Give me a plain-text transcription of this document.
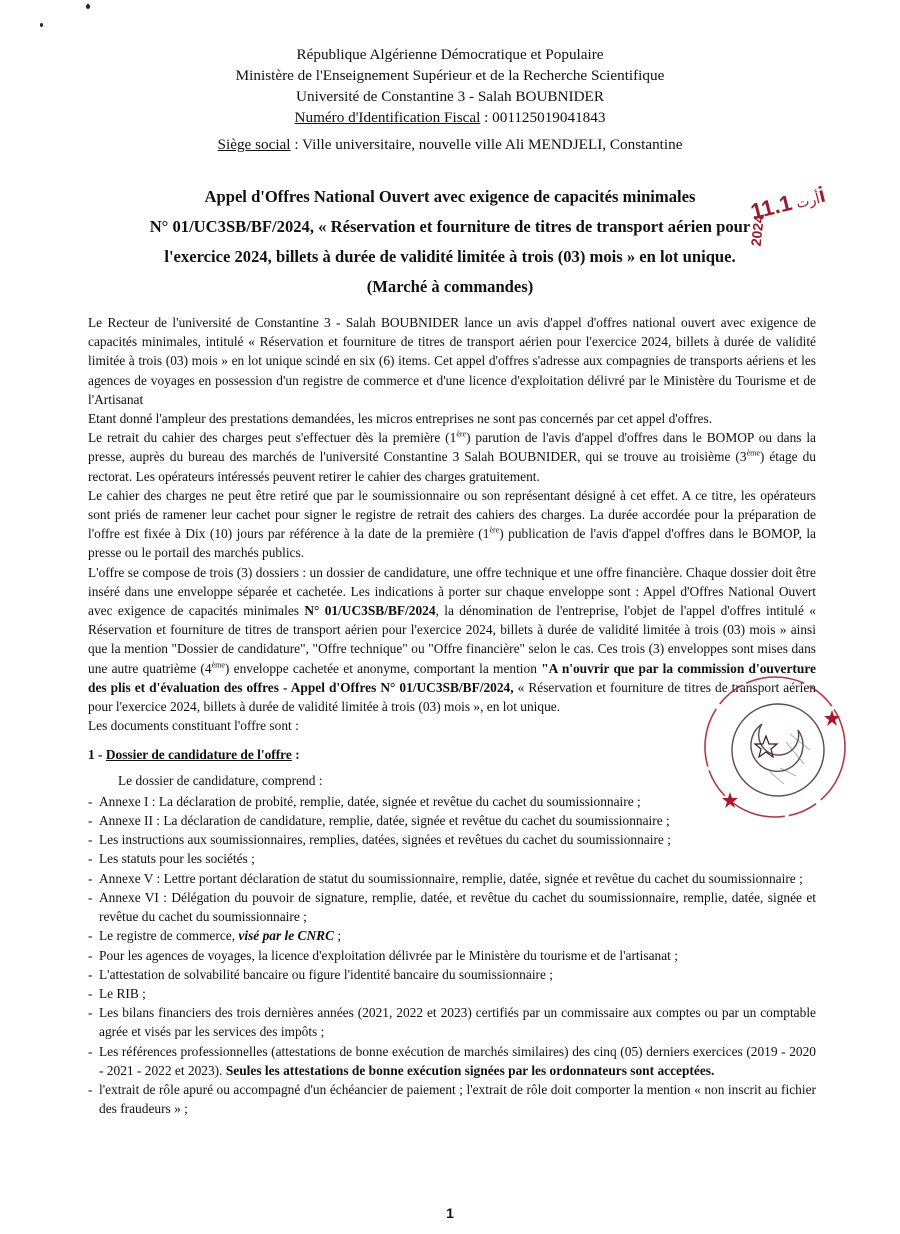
République Algérienne Démocratique et Populaire
Ministère de l'Enseignement Supérieur et de la Recherche Scientifique
Université de Constantine 3 - Salah BOUBNIDER
Numéro d'Identification Fiscal : 001125019041843
Siège social : Ville universitaire, nouvelle ville Ali MENDJELI, Constantine
Appel d'Offres National Ouvert avec exigence de capacités minimales
N° 01/UC3SB/BF/2024, « Réservation et fourniture de titres de transport aérien pour
l'exercice 2024, billets à durée de validité limitée à trois (03) mois » en lot unique.
(Marché à commandes)
أرت 11.1i
2024
Le Recteur de l'université de Constantine 3 - Salah BOUBNIDER lance un avis d'appel d'offres national ouvert avec exigence de capacités minimales, intitulé « Réservation et fourniture de titres de transport aérien pour l'exercice 2024, billets à durée de validité limitée à trois (03) mois » en lot unique scindé en six (6) items. Cet appel d'offres s'adresse aux compagnies de transports aériens et les agences de voyages en possession d'un registre de commerce et d'une licence d'exploitation délivré par le Ministère du Tourisme et de l'Artisanat
Etant donné l'ampleur des prestations demandées, les micros entreprises ne sont pas concernés par cet appel d'offres.
Le retrait du cahier des charges peut s'effectuer dès la première (1ère) parution de l'avis d'appel d'offres dans le BOMOP ou dans la presse, auprès du bureau des marchés de l'université Constantine 3 Salah BOUBNIDER, qui se trouve au troisième (3ème) étage du rectorat. Les opérateurs intéressés peuvent retirer le cahier des charges gratuitement.
Le cahier des charges ne peut être retiré que par le soumissionnaire ou son représentant désigné à cet effet. A ce titre, les opérateurs sont priés de ramener leur cachet pour signer le registre de retrait des cahiers des charges. La durée accordée pour la préparation de l'offre est fixée à Dix (10) jours par référence à la date de la première (1ère) publication de l'avis d'appel d'offres dans le BOMOP, la presse ou le portail des marchés publics.
L'offre se compose de trois (3) dossiers : un dossier de candidature, une offre technique et une offre financière. Chaque dossier doit être inséré dans une enveloppe séparée et cachetée. Les indications à porter sur chaque enveloppe sont : Appel d'Offres National Ouvert avec exigence de capacités minimales N° 01/UC3SB/BF/2024, la dénomination de l'entreprise, l'objet de l'appel d'offres intitulé « Réservation et fourniture de titres de transport aérien pour l'exercice 2024, billets à durée de validité limitée à trois (03) mois » ainsi que la mention "Dossier de candidature", "Offre technique" ou "Offre financière" selon le cas. Ces trois (3) enveloppes sont mises dans une autre quatrième (4ème) enveloppe cachetée et anonyme, comportant la mention "A n'ouvrir que par la commission d'ouverture des plis et d'évaluation des offres - Appel d'Offres N° 01/UC3SB/BF/2024, « Réservation et fourniture de titres de transport aérien pour l'exercice 2024, billets à durée de validité limitée à trois (03) mois », en lot unique.
Les documents constituant l'offre sont :
1 - Dossier de candidature de l'offre :
Le dossier de candidature, comprend :
- Annexe I : La déclaration de probité, remplie, datée, signée et revêtue du cachet du soumissionnaire ;
- Annexe II : La déclaration de candidature, remplie, datée, signée et revêtue du cachet du soumissionnaire ;
- Les instructions aux soumissionnaires, remplies, datées, signées et revêtues du cachet du soumissionnaire ;
- Les statuts pour les sociétés ;
- Annexe V : Lettre portant déclaration de statut du soumissionnaire, remplie, datée, signée et revêtue du cachet du soumissionnaire ;
- Annexe VI : Délégation du pouvoir de signature, remplie, datée, et revêtue du cachet du soumissionnaire, remplie, datée, signée et revêtue du cachet du soumissionnaire ;
- Le registre de commerce, visé par le CNRC ;
- Pour les agences de voyages, la licence d'exploitation délivrée par le Ministère du tourisme et de l'artisanat ;
- L'attestation de solvabilité bancaire ou figure l'identité bancaire du soumissionnaire ;
- Le RIB ;
- Les bilans financiers des trois dernières années (2021, 2022 et 2023) certifiés par un commissaire aux comptes ou par un comptable agrée et visés par les services des impôts ;
- Les références professionnelles (attestations de bonne exécution de marchés similaires) des cinq (05) derniers exercices (2019 - 2020 - 2021 - 2022 et 2023). Seules les attestations de bonne exécution signées par les ordonnateurs sont acceptées.
- l'extrait de rôle apuré ou accompagné d'un échéancier de paiement ; l'extrait de rôle doit comporter la mention « non inscrit au fichier des fraudeurs » ;
1
